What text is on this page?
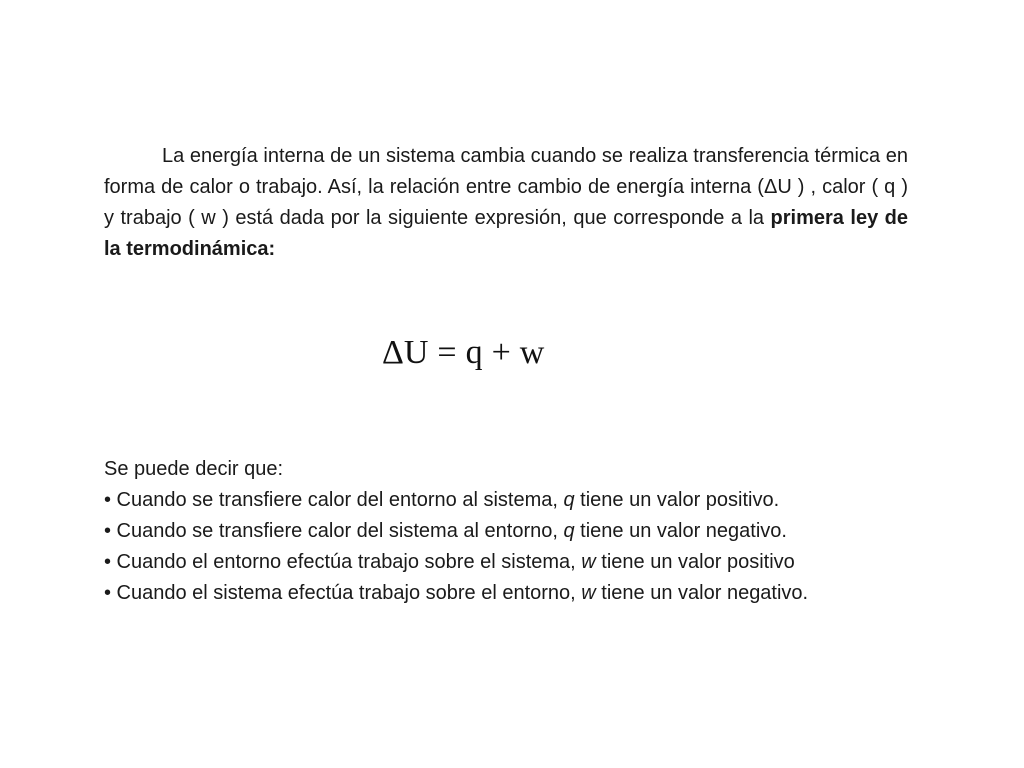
La energía interna de un sistema cambia cuando se realiza transferencia térmica en forma de calor o trabajo. Así, la relación entre cambio de energía interna (ΔU ) , calor ( q ) y trabajo ( w ) está dada por la siguiente expresión, que corresponde a la primera ley de la termodinámica:

ΔU = q + w
Se puede decir que:
• Cuando se transfiere calor del entorno al sistema, q tiene un valor positivo.
• Cuando se transfiere calor del sistema al entorno, q tiene un valor negativo.
• Cuando el entorno efectúa trabajo sobre el sistema, w tiene un valor positivo
• Cuando el sistema efectúa trabajo sobre el entorno, w tiene un valor negativo.
